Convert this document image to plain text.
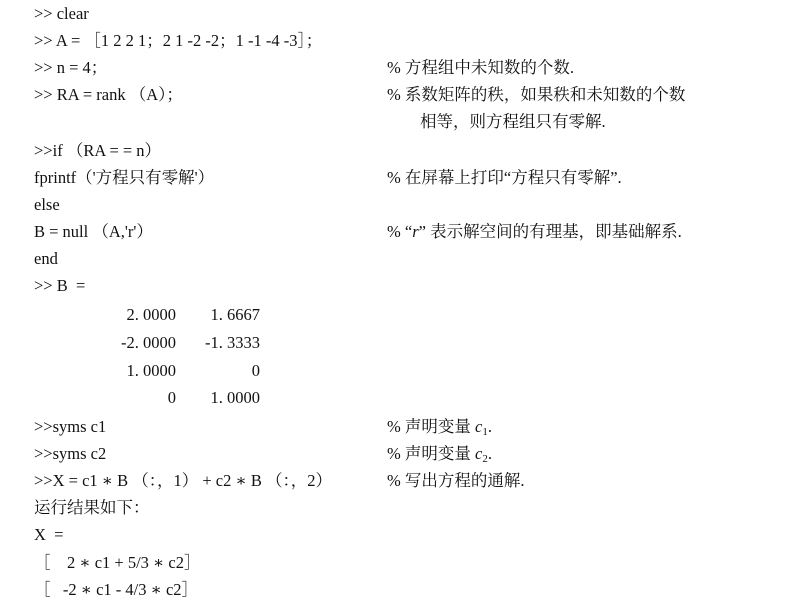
>> clear
>> A = ［1 2 2 1；2 1 -2 -2；1 -1 -4 -3］；
>> n = 4；	% 方程组中未知数的个数.
>> RA = rank （A）；	% 系数矩阵的秩，如果秩和未知数的个数
相等，则方程组只有零解.
>>if （RA = = n）
fprintf（'方程只有零解'）	% 在屏幕上打印“方程只有零解”.
else
B = null （A,'r'）	% “r” 表示解空间的有理基，即基础解系.
end
>> B  =
2. 0000	1. 6667
-2. 0000	-1. 3333
1. 0000	0
0	1. 0000
>>syms c1	% 声明变量 $c_1$.
>>syms c2	% 声明变量 $c_2$.
>>X = c1 ∗ B （：，1） + c2 ∗ B （：，2）	% 写出方程的通解.
运行结果如下：
X  =
［    2 ∗ c1 + 5/3 ∗ c2］
［   -2 ∗ c1 - 4/3 ∗ c2］
